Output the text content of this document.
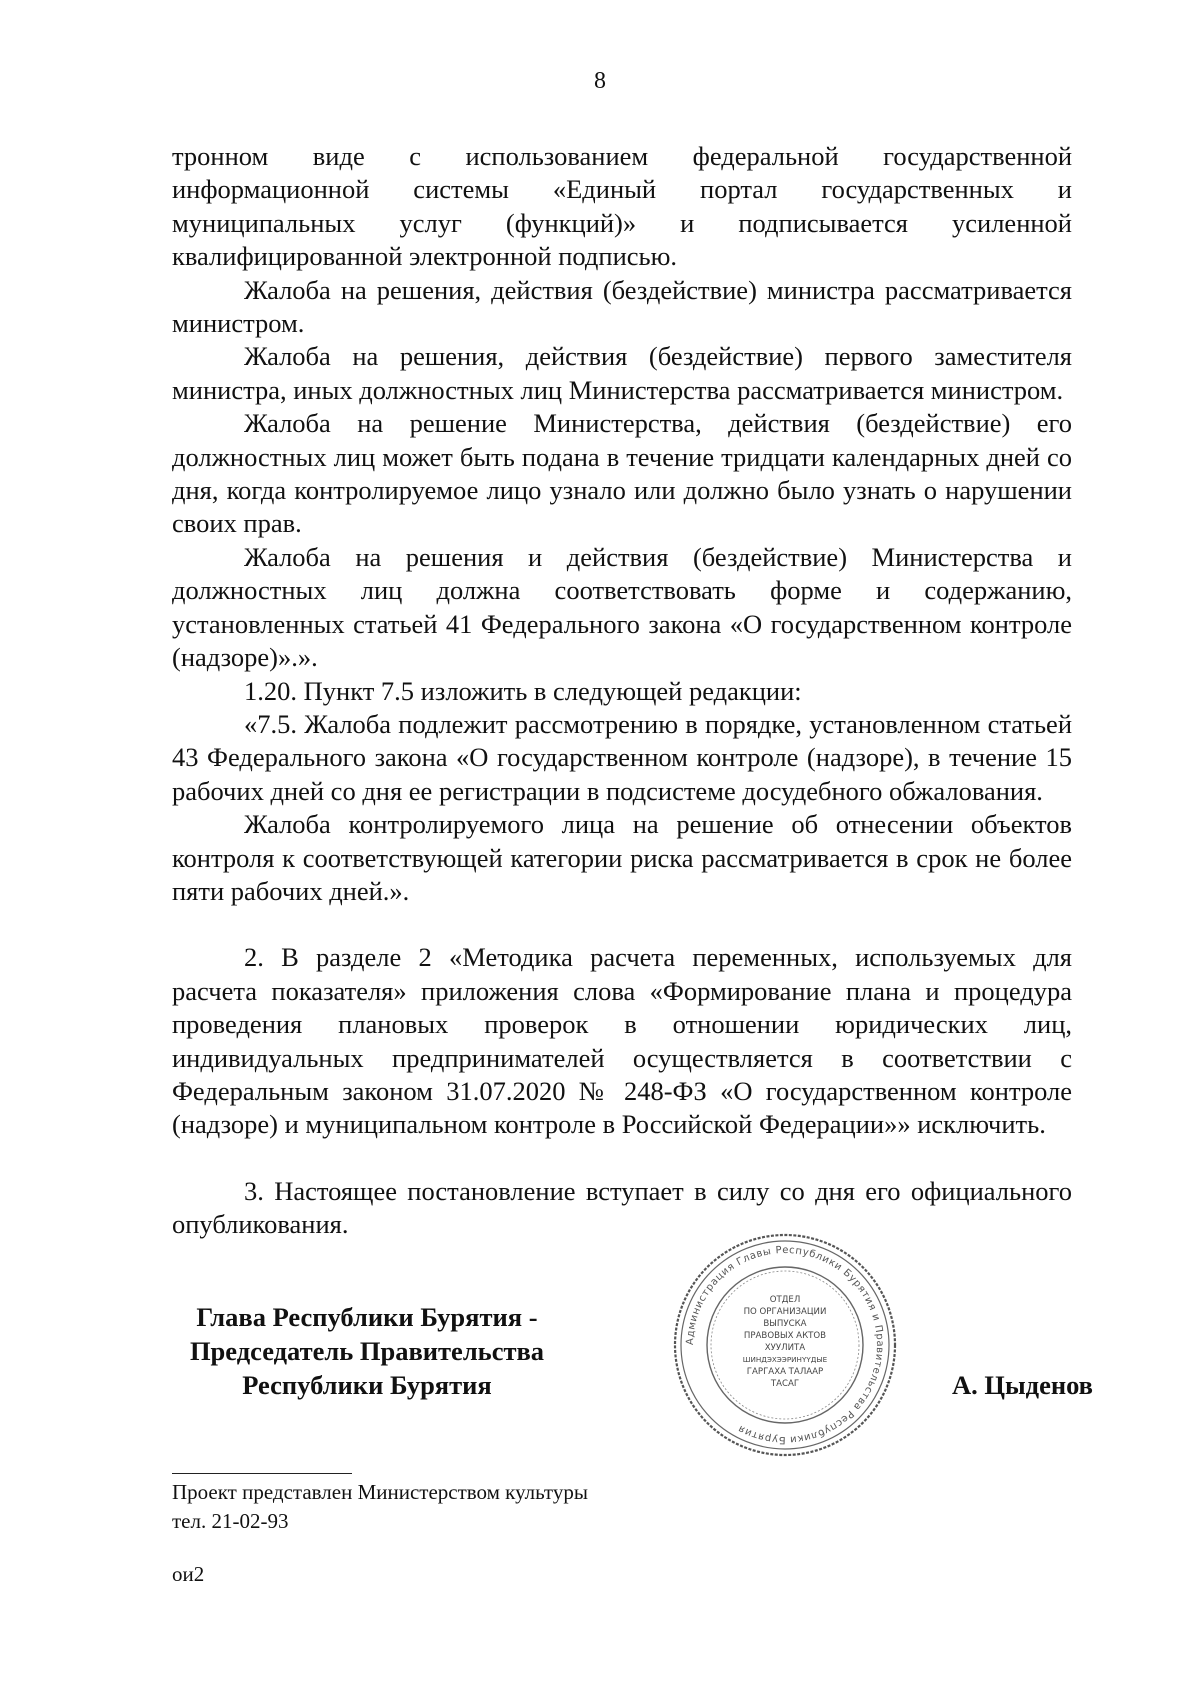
8

тронном виде с использованием федеральной государственной информационной системы «Единый портал государственных и муниципальных услуг (функций)» и подписывается усиленной квалифицированной электронной подписью.

Жалоба на решения, действия (бездействие) министра рассматривается министром.

Жалоба на решения, действия (бездействие) первого заместителя министра, иных должностных лиц Министерства рассматривается министром.

Жалоба на решение Министерства, действия (бездействие) его должностных лиц может быть подана в течение тридцати календарных дней со дня, когда контролируемое лицо узнало или должно было узнать о нарушении своих прав.

Жалоба на решения и действия (бездействие) Министерства и должностных лиц должна соответствовать форме и содержанию, установленных статьей 41 Федерального закона «О государственном контроле (надзоре)».».

1.20. Пункт 7.5 изложить в следующей редакции:

«7.5. Жалоба подлежит рассмотрению в порядке, установленном статьей 43 Федерального закона «О государственном контроле (надзоре), в течение 15 рабочих дней со дня ее регистрации в подсистеме досудебного обжалования.

Жалоба контролируемого лица на решение об отнесении объектов контроля к соответствующей категории риска рассматривается в срок не более пяти рабочих дней.».

2. В разделе 2 «Методика расчета переменных, используемых для расчета показателя» приложения слова «Формирование плана и процедура проведения плановых проверок в отношении юридических лиц, индивидуальных предпринимателей осуществляется в соответствии с Федеральным законом 31.07.2020 № 248-ФЗ «О государственном контроле (надзоре) и муниципальном контроле в Российской Федерации»» исключить.

3. Настоящее постановление вступает в силу со дня его официального опубликования.

Глава Республики Бурятия -
Председатель Правительства
Республики Бурятия
Администрация Главы Республики Бурятия и Правительства Республики Бурятия
ОТДЕЛ
ПО ОРГАНИЗАЦИИ
ВЫПУСКА
ПРАВОВЫХ АКТОВ
ХУУЛИТА
ШИНДЭХЭЭРИНҮҮДЫЕ
ГАРГАХА ТАЛААР
ТАСАГ	А. Цыденов
Проект представлен Министерством культуры
тел. 21-02-93
ои2
